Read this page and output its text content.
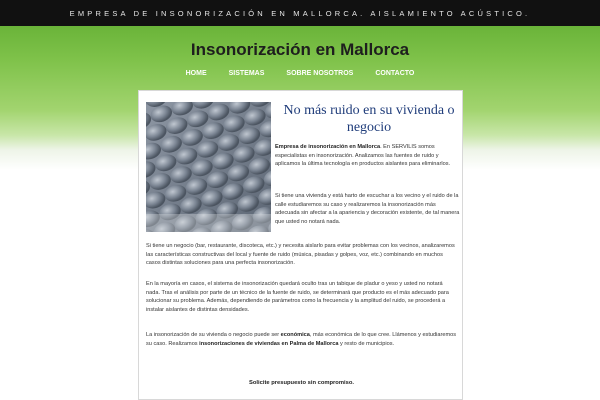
EMPRESA DE INSONORIZACIÓN EN MALLORCA. AISLAMIENTO ACÚSTICO.
Insonorización en Mallorca
HOME	SISTEMAS	SOBRE NOSOTROS	CONTACTO
No más ruido en su vivienda o negocio
Empresa de insonorización en Mallorca. En SERVILIS somos especialistas en insonorización. Analizamos las fuentes de ruido y aplicamos la última tecnología en productos aislantes para eliminarlos.
Si tiene una vivienda y está harto de escuchar a los vecino y el ruido de la calle estudiaremos su caso y realizaremos la insonorización más adecuada sin afectar a la apariencia y decoración existente, de tal manera que usted no notará nada.
Si tiene un negocio (bar, restaurante, discoteca, etc.) y necesita aislarlo para evitar problemas con los vecinos, analizaremos las características constructivas del local y fuente de ruido (música, pisadas y golpes, voz, etc.) combinando en muchos casos distintas soluciones para una perfecta insonorización.
En la mayoría en casos, el sistema de insonorización quedará oculto tras un tabique de pladur o yeso y usted no notará nada. Tras el análisis por parte de un técnico de la fuente de ruido, se determinará que producto es el más adecuado para solucionar su problema. Además, dependiendo de parámetros como la frecuencia y la amplitud del ruido, se procederá a instalar aislantes de distintas densidades.
La insonorización de su vivienda o negocio puede ser económica, más económica de lo que cree. Llámenos y estudiaremos su caso. Realizamos insonorizaciones de viviendas en Palma de Mallorca y resto de municipios.
Solicite presupuesto sin compromiso.
